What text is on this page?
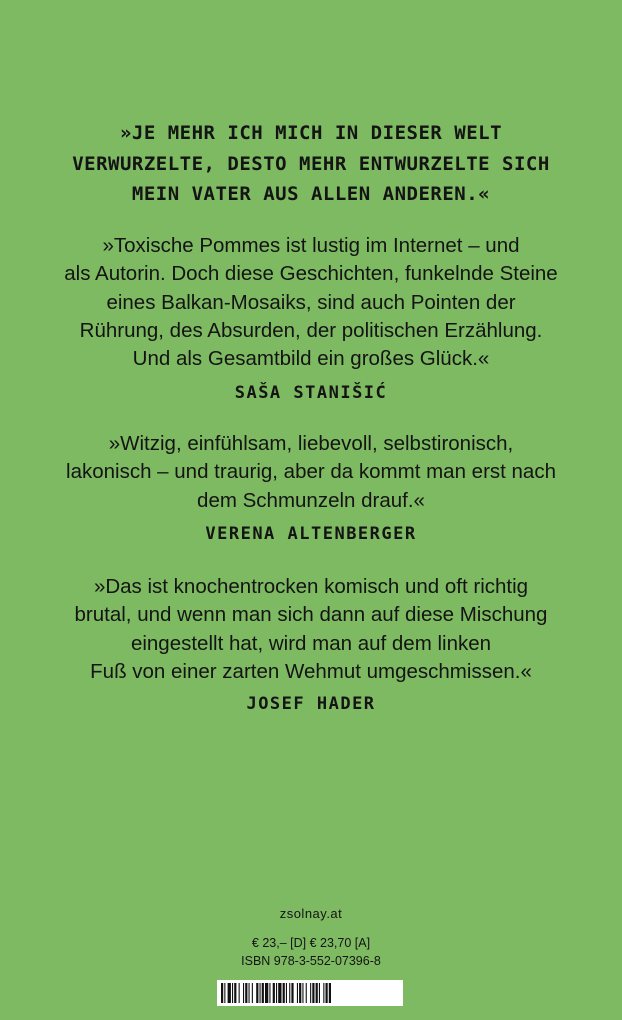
»JE MEHR ICH MICH IN DIESER WELT
VERWURZELTE, DESTO MEHR ENTWURZELTE SICH
MEIN VATER AUS ALLEN ANDEREN.«
»Toxische Pommes ist lustig im Internet – und
als Autorin. Doch diese Geschichten, funkelnde Steine
eines Balkan-Mosaiks, sind auch Pointen der
Rührung, des Absurden, der politischen Erzählung.
Und als Gesamtbild ein großes Glück.«
SAŠA STANIŠIĆ
»Witzig, einfühlsam, liebevoll, selbstironisch,
lakonisch – und traurig, aber da kommt man erst nach
dem Schmunzeln drauf.«
VERENA ALTENBERGER
»Das ist knochentrocken komisch und oft richtig
brutal, und wenn man sich dann auf diese Mischung
eingestellt hat, wird man auf dem linken
Fuß von einer zarten Wehmut umgeschmissen.«
JOSEF HADER
zsolnay.at
€ 23,– [D] € 23,70 [A]
ISBN 978-3-552-07396-8
